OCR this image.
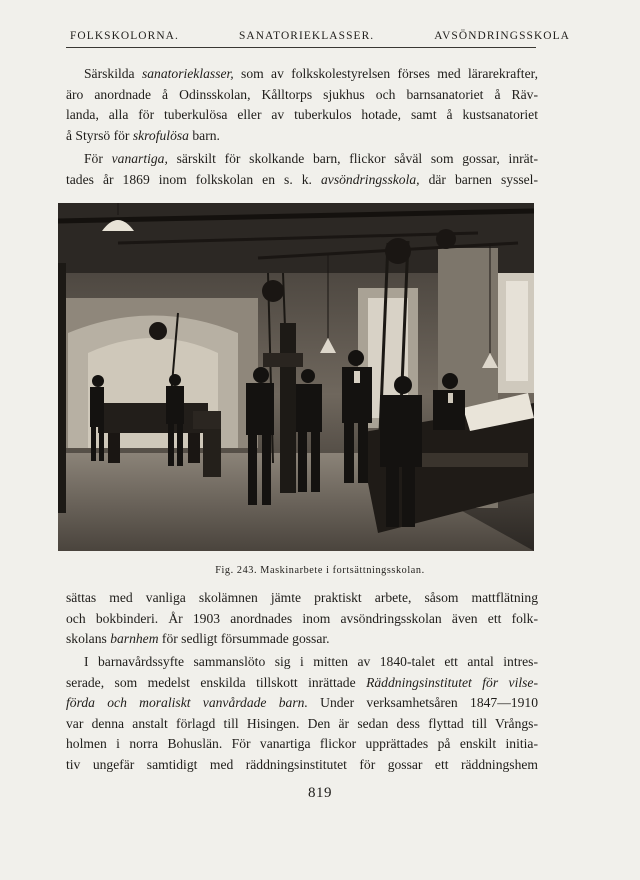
FOLKSKOLORNA.	SANATORIEKLASSER.	AVSÖNDRINGSSKOLA

Särskilda sanatorieklasser, som av folkskolestyrelsen förses med lärarekrafter,
äro anordnade å Odinsskolan, Kålltorps sjukhus och barnsanatoriet å Räv-
landa, alla för tuberkulösa eller av tuberkulos hotade, samt å kustsanatoriet
å Styrsö för skrofulösa barn.

För vanartiga, särskilt för skolkande barn, flickor såväl som gossar, inrät-
tades år 1869 inom folkskolan en s. k. avsöndringsskola, där barnen syssel-

Fig. 243. Maskinarbete i fortsättningsskolan.

sättas med vanliga skolämnen jämte praktiskt arbete, såsom mattflätning
och bokbinderi. År 1903 anordnades inom avsöndringsskolan även ett folk-
skolans barnhem för sedligt försummade gossar.

I barnavårdssyfte sammanslöto sig i mitten av 1840-talet ett antal intres-
serade, som medelst enskilda tillskott inrättade Räddningsinstitutet för vilse-
förda och moraliskt vanvårdade barn. Under verksamhetsåren 1847—1910
var denna anstalt förlagd till Hisingen. Den är sedan dess flyttad till Vrångs-
holmen i norra Bohuslän. För vanartiga flickor upprättades på enskilt initia-
tiv ungefär samtidigt med räddningsinstitutet för gossar ett räddningshem

819
